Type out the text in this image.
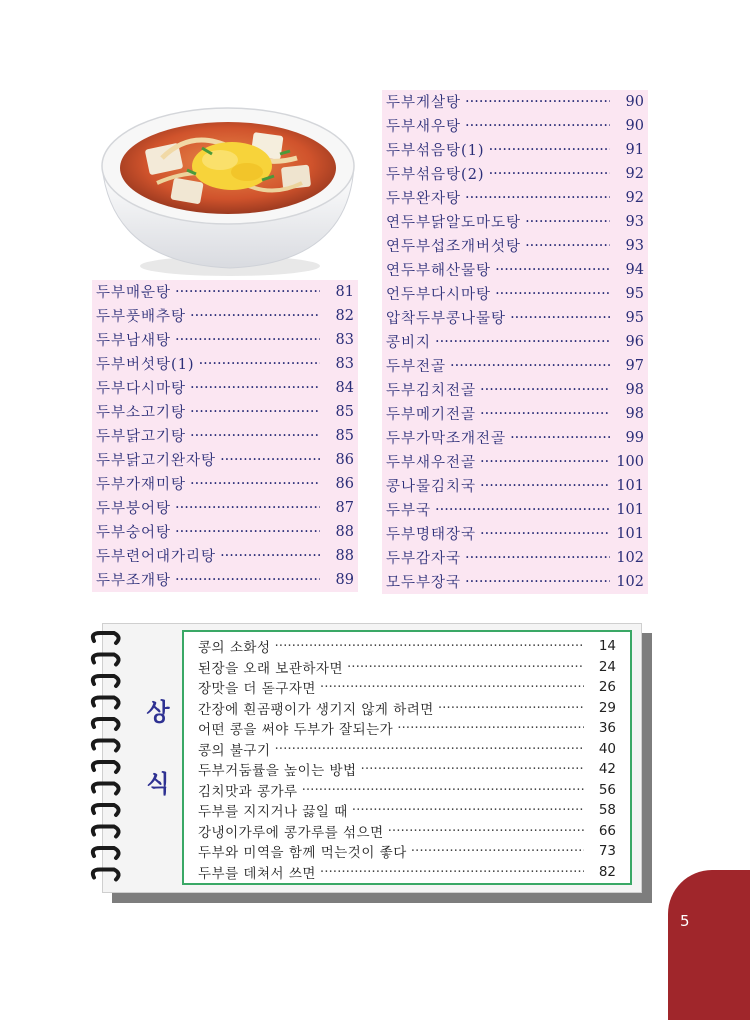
두부매운탕 ·····	81
두부풋배추탕 ·····	82
두부남새탕 ·····	83
두부버섯탕(1) ·····	83
두부다시마탕 ·····	84
두부소고기탕 ·····	85
두부닭고기탕 ·····	85
두부닭고기완자탕 ·····	86
두부가재미탕 ·····	86
두부붕어탕 ·····	87
두부숭어탕 ·····	88
두부련어대가리탕 ·····	88
두부조개탕 ·····	89
두부게살탕 ·····	90
두부새우탕 ·····	90
두부섞음탕(1) ·····	91
두부섞음탕(2) ·····	92
두부완자탕 ·····	92
연두부닭알도마도탕 ·····	93
연두부섭조개버섯탕 ·····	93
연두부해산물탕 ·····	94
언두부다시마탕 ·····	95
압착두부콩나물탕 ·····	95
콩비지 ·····	96
두부전골 ·····	97
두부김치전골 ·····	98
두부메기전골 ·····	98
두부가막조개전골 ·····	99
두부새우전골 ·····	100
콩나물김치국 ·····	101
두부국 ·····	101
두부명태장국 ·····	101
두부감자국 ·····	102
모두부장국 ·····	102
상
식
콩의 소화성 ·····	14
된장을 오래 보관하자면 ·····	24
장맛을 더 돋구자면 ·····	26
간장에 흰곰팽이가 생기지 않게 하려면 ·····	29
어떤 콩을 써야 두부가 잘되는가 ·····	36
콩의 불구기 ·····	40
두부거둠률을 높이는 방법 ·····	42
김치맛과 콩가루 ·····	56
두부를 지지거나 끓일 때 ·····	58
강냉이가루에 콩가루를 섞으면 ·····	66
두부와 미역을 함께 먹는것이 좋다 ·····	73
두부를 데쳐서 쓰면 ·····	82
5
